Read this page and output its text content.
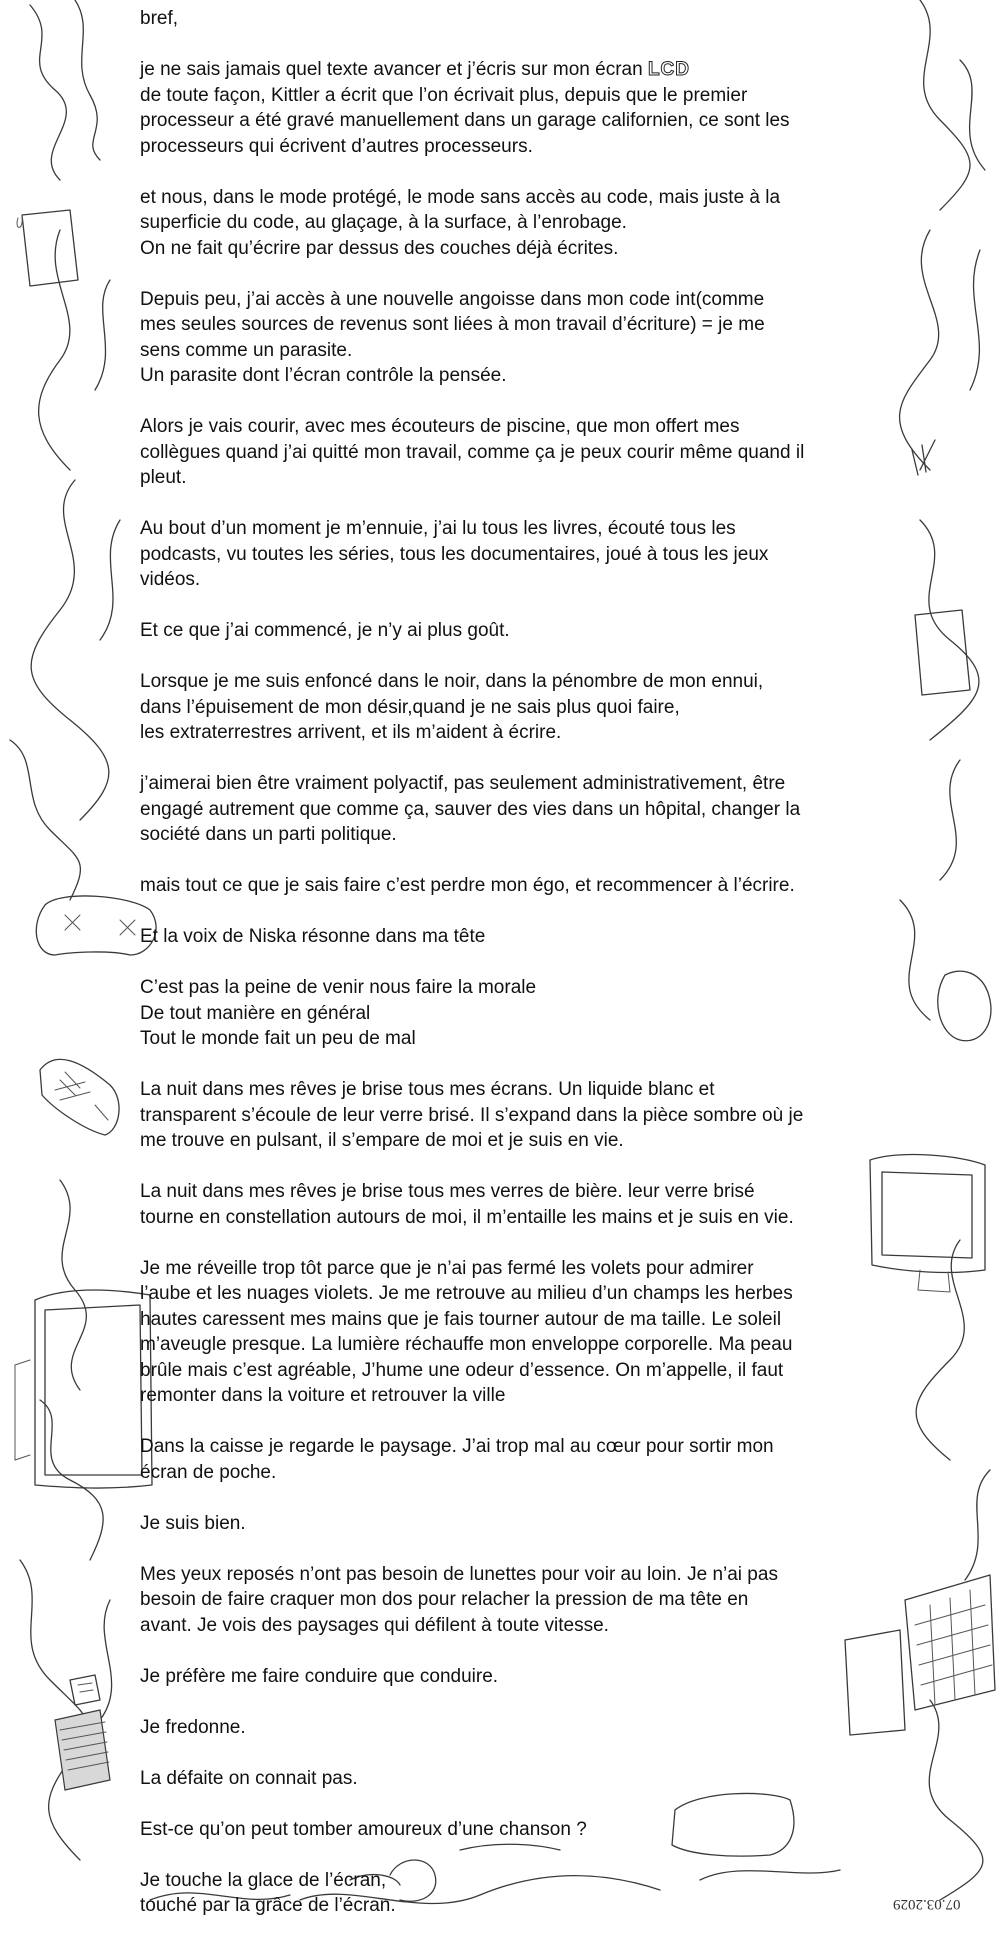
bref,

je ne sais jamais quel texte avancer et j’écris sur mon écran LCD
de toute façon, Kittler a écrit que l’on écrivait plus, depuis que le premier
processeur a été gravé manuellement dans un garage californien, ce sont les
processeurs qui écrivent d’autres processeurs.

et nous, dans le mode protégé, le mode sans accès au code, mais juste à la
superficie du code, au glaçage, à la surface, à l’enrobage.
On ne fait qu’écrire par dessus des couches déjà écrites.

Depuis peu, j’ai accès à une nouvelle angoisse dans mon code int(comme
mes seules sources de revenus sont liées à mon travail d’écriture) = je me
sens comme un parasite.
Un parasite dont l’écran contrôle la pensée.

Alors je vais courir, avec mes écouteurs de piscine, que mon offert mes
collègues quand j’ai quitté mon travail, comme ça je peux courir même quand il
pleut.

Au bout d’un moment je m’ennuie, j’ai lu tous les livres, écouté tous les
podcasts, vu toutes les séries, tous les documentaires, joué à tous les jeux
vidéos.

Et ce que j’ai commencé, je n’y ai plus goût.

Lorsque je me suis enfoncé dans le noir, dans la pénombre de mon ennui,
dans l’épuisement de mon désir,quand je ne sais plus quoi faire,
les extraterrestres arrivent, et ils m’aident à écrire.

j’aimerai bien être vraiment polyactif, pas seulement administrativement, être
engagé autrement que comme ça, sauver des vies dans un hôpital, changer la
société dans un parti politique.

mais tout ce que je sais faire c’est perdre mon égo, et recommencer à l’écrire.

Et la voix de Niska résonne dans ma tête

C’est pas la peine de venir nous faire la morale
De tout manière en général
Tout le monde fait un peu de mal

La nuit dans mes rêves je brise tous mes écrans. Un liquide blanc et
transparent s’écoule de leur verre brisé. Il s’expand dans la pièce sombre où je
me trouve en pulsant, il s’empare de moi et je suis en vie.

La nuit dans mes rêves je brise tous mes verres de bière. leur verre brisé
tourne en constellation autours de moi, il m’entaille les mains et je suis en vie.

Je me réveille trop tôt parce que je n’ai pas fermé les volets pour admirer
l’aube et les nuages violets. Je me retrouve au milieu d’un champs les herbes
hautes caressent mes mains que je fais tourner autour de ma taille. Le soleil
m’aveugle presque. La lumière réchauffe mon enveloppe corporelle. Ma peau
brûle mais c’est agréable, J’hume une odeur d’essence. On m’appelle, il faut
remonter dans la voiture et retrouver la ville

Dans la caisse je regarde le paysage. J’ai trop mal au cœur pour sortir mon
écran de poche.

Je suis bien.

Mes yeux reposés n’ont pas besoin de lunettes pour voir au loin. Je n’ai pas
besoin de faire craquer mon dos pour relacher la pression de ma tête en
avant. Je vois des paysages qui défilent à toute vitesse.

Je préfère me faire conduire que conduire.

Je fredonne.

La défaite on connait pas.

Est-ce qu’on peut tomber amoureux d’une chanson ?

Je touche la glace de l’écran,
touché par la grâce de l’écran.	07.03.2029
